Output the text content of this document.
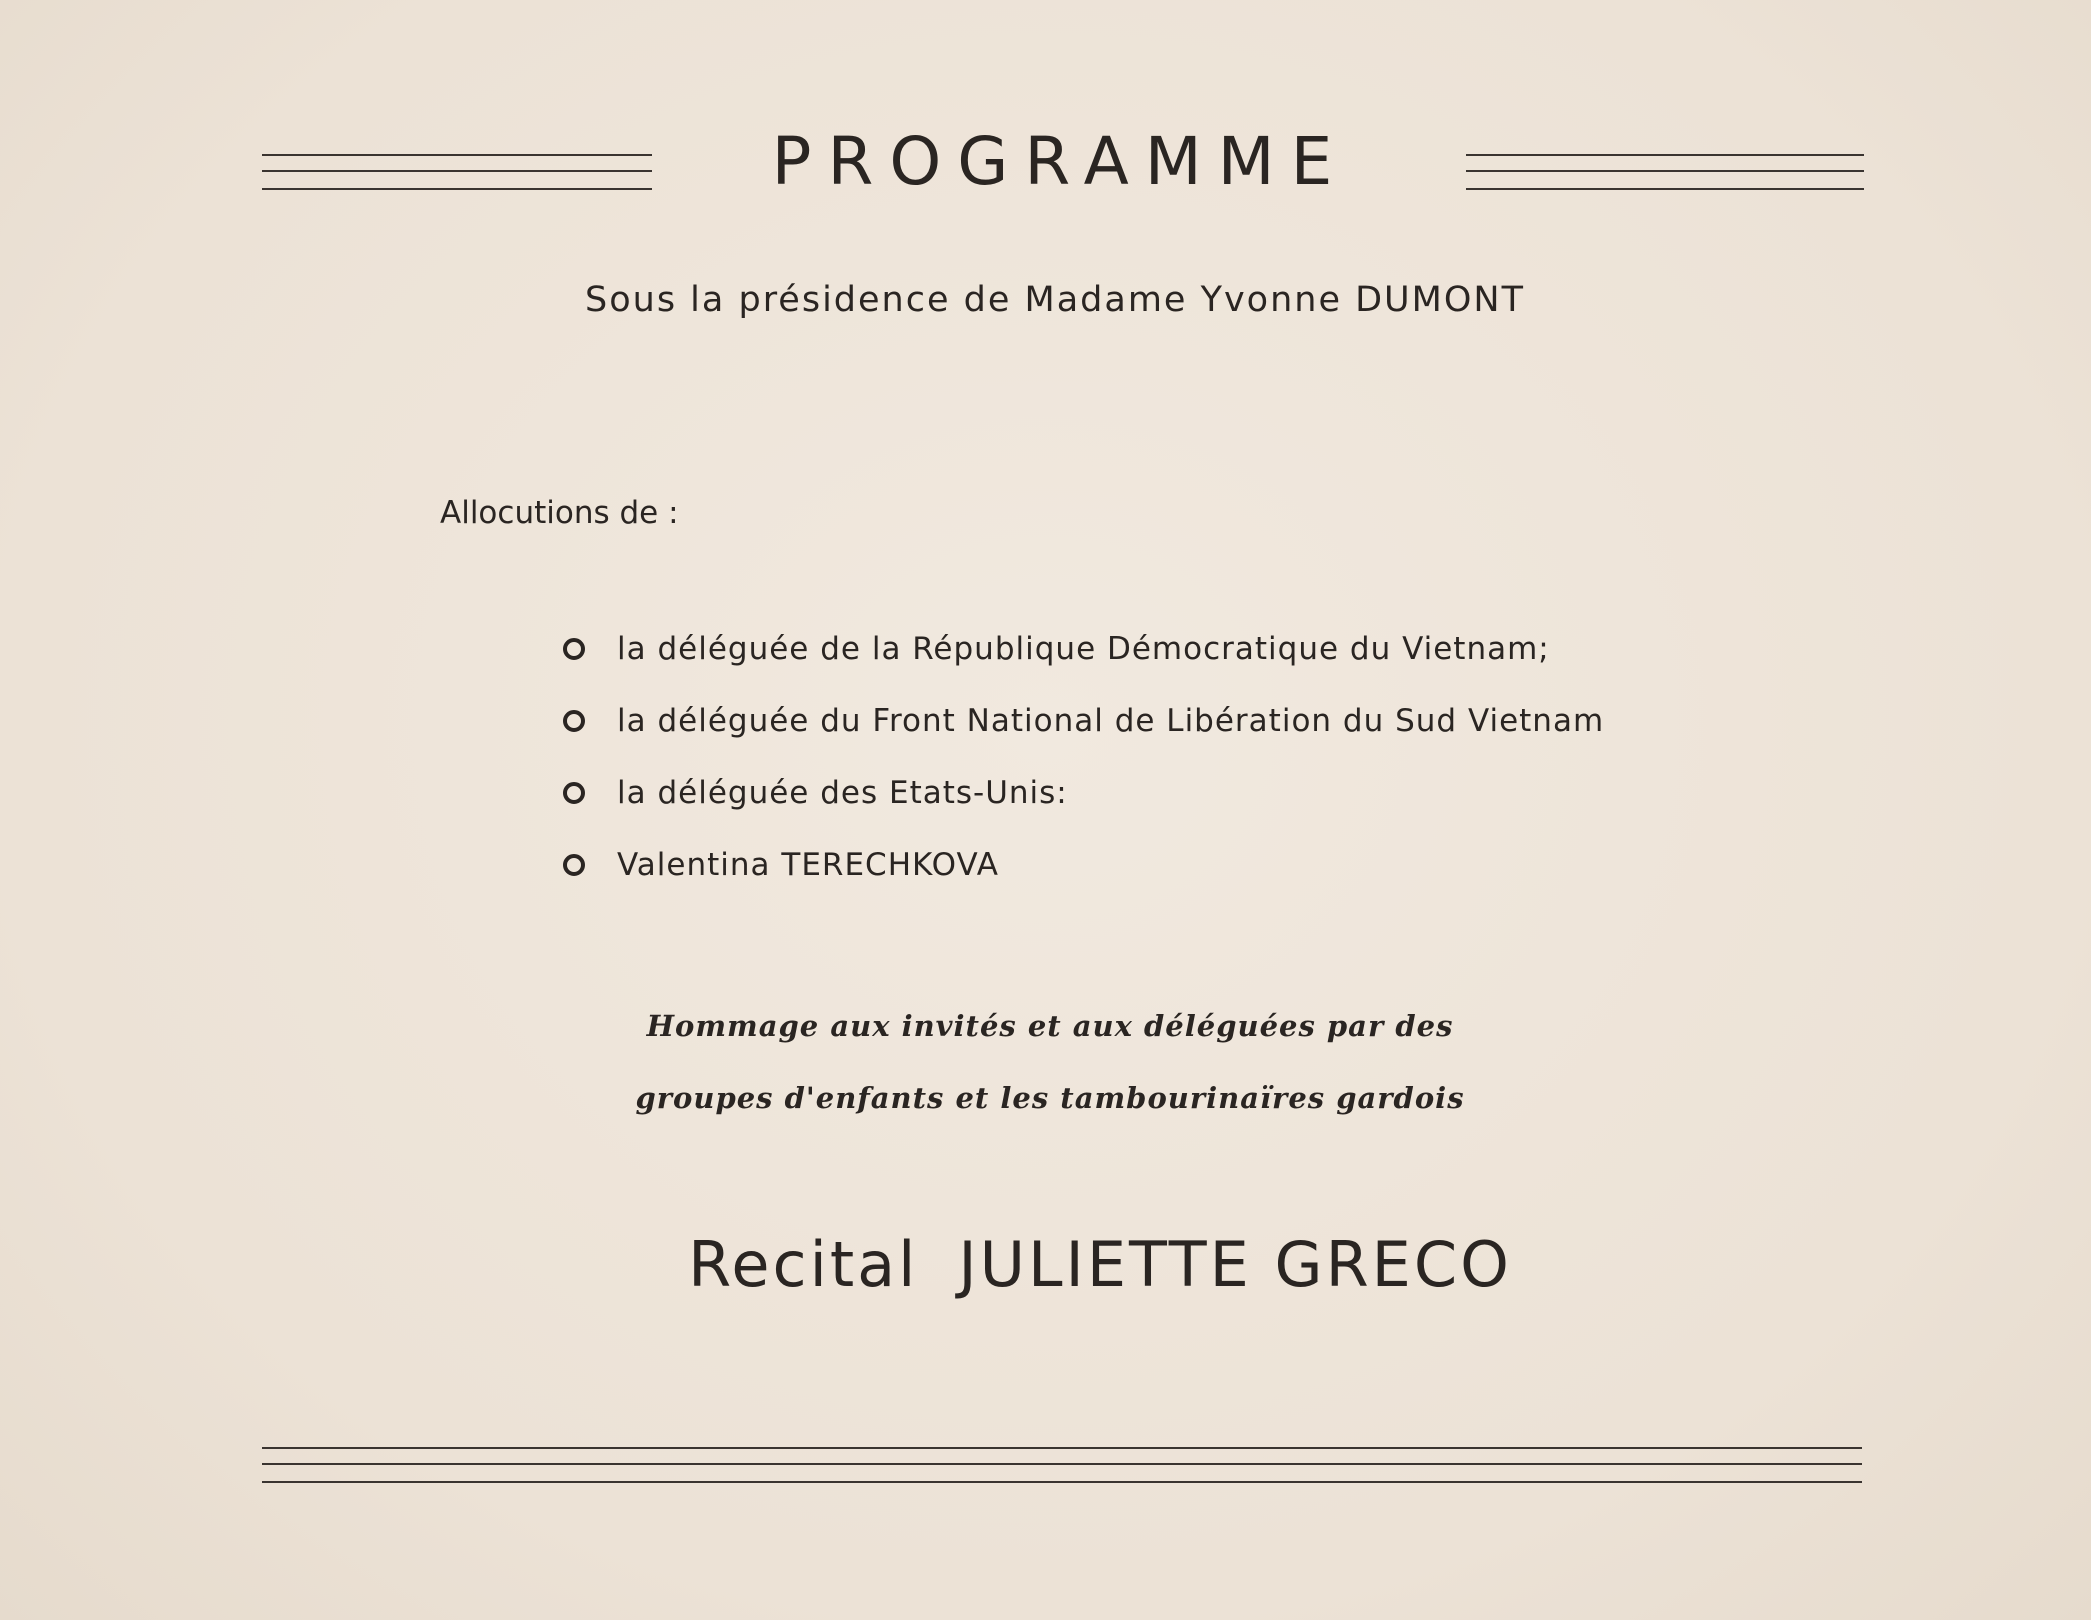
PROGRAMME
Sous la présidence de Madame Yvonne DUMONT
Allocutions de :
la déléguée de la République Démocratique du Vietnam;
la déléguée du Front National de Libération du Sud Vietnam
la déléguée des Etats-Unis:
Valentina TERECHKOVA
Hommage aux invités et aux déléguées par des
groupes d'enfants et les tambourinaïres gardois
Recital JULIETTE GRECO
